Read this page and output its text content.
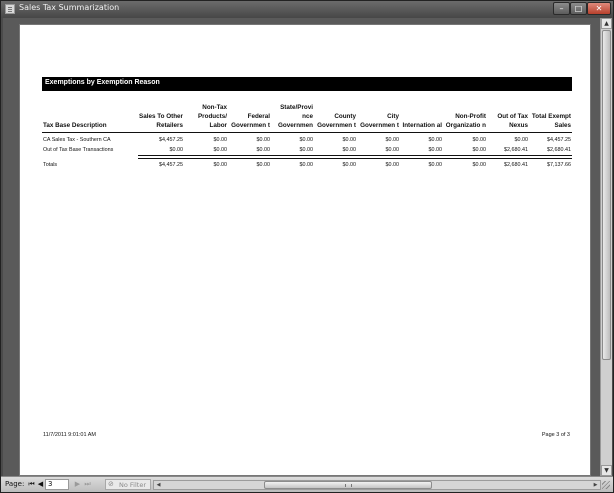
Sales Tax Summarization	–	□	✕
Exemptions by Exemption Reason
Tax Base Description	Sales To Other Retailers	Non-Tax Products/ Labor	Federal Governmen t	State/Provi nce Governmen	County Governmen t	City Governmen t	Internation al	Non-Profit Organizatio n	Out of Tax Nexus	Total Exempt Sales

CA Sales Tax - Southern CA	$4,457.25	$0.00	$0.00	$0.00	$0.00	$0.00	$0.00	$0.00	$0.00	$4,457.25
Out of Tax Base Transactions	$0.00	$0.00	$0.00	$0.00	$0.00	$0.00	$0.00	$0.00	$2,680.41	$2,680.41

Totals	$4,457.25	$0.00	$0.00	$0.00	$0.00	$0.00	$0.00	$0.00	$2,680.41	$7,137.66
11/7/2011 9:01:01 AM	Page 3 of 3
▲
▼
Page: ⏮ ◀ 3	▶ ⏭ ⊘ No Filter	◀	▶
